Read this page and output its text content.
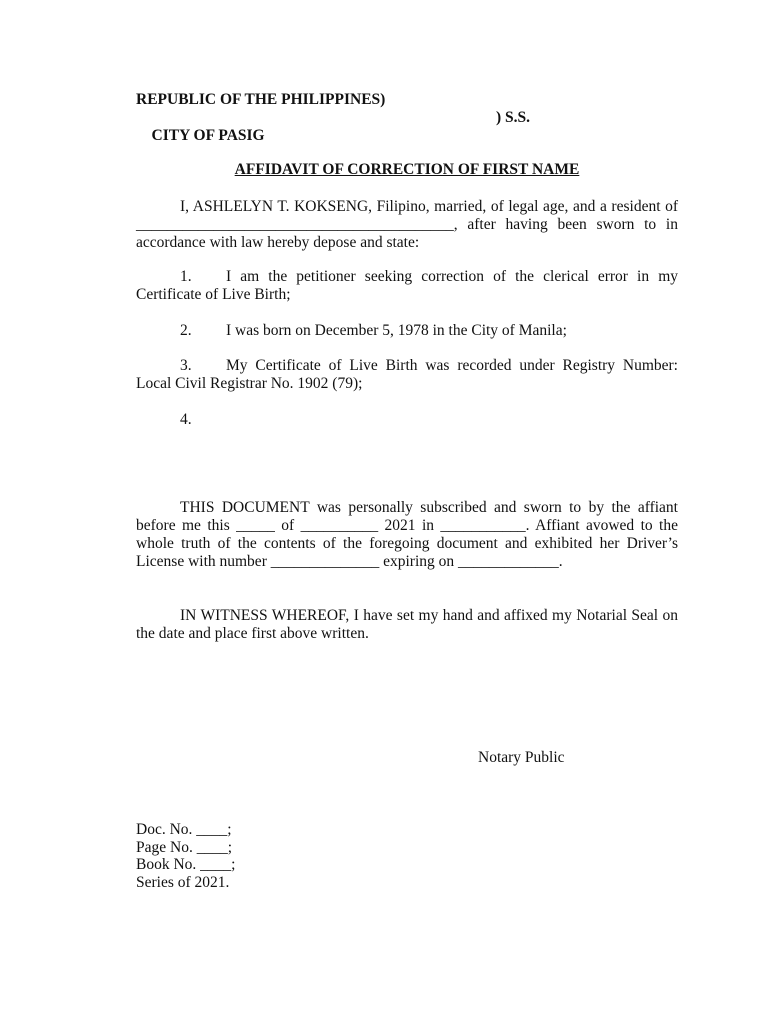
REPUBLIC OF THE PHILIPPINES)

CITY OF PASIG

) S.S.

AFFIDAVIT OF CORRECTION OF FIRST NAME

I, ASHLELYN T. KOKSENG, Filipino, married, of legal age, and a resident of _________________________________________, after having been sworn to in accordance with law hereby depose and state:

1. I am the petitioner seeking correction of the clerical error in my Certificate of Live Birth;

2. I was born on December 5, 1978 in the City of Manila;

3. My Certificate of Live Birth was recorded under Registry Number: Local Civil Registrar No. 1902 (79);

4.

THIS DOCUMENT was personally subscribed and sworn to by the affiant before me this _____ of __________ 2021 in ___________. Affiant avowed to the whole truth of the contents of the foregoing document and exhibited her Driver’s License with number ______________ expiring on _____________.

IN WITNESS WHEREOF, I have set my hand and affixed my Notarial Seal on the date and place first above written.

Notary Public
Doc. No. ____;
Page No. ____;
Book No. ____;
Series of 2021.
